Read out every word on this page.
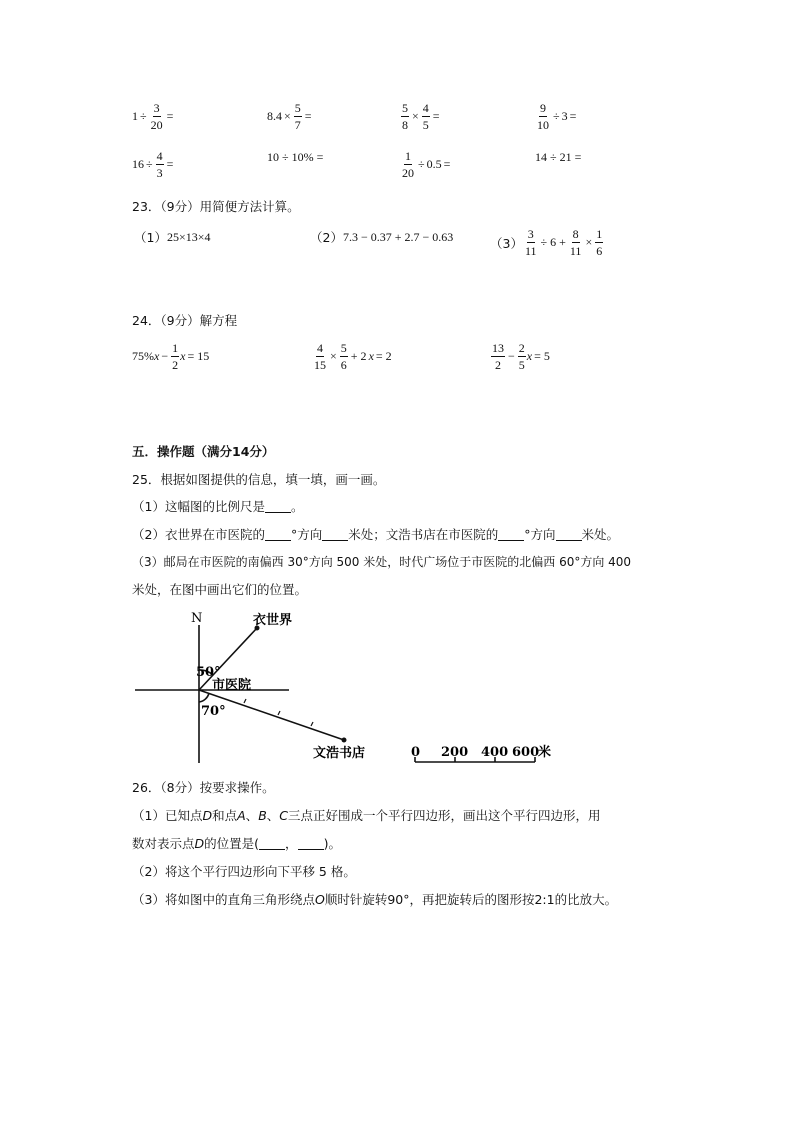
$1 \div \frac{3}{20}$ =	$8.4 \times \frac{5}{7}$ =	$\frac{5}{8} \times \frac{4}{5}$ =	$\frac{9}{10} \div 3$ =
$16 \div \frac{4}{3}$ =	10 ÷ 10% =	$\frac{1}{20} \div 0.5$ =	14 ÷ 21 =
23．（9分）用简便方法计算。
（1） 25×13×4	（2） 7.3 − 0.37 + 2.7 − 0.63	$(3) \frac{3}{11} \div 6 + \frac{8}{11} \times \frac{1}{6}$
24．（9分）解方程
75% $x - \frac{1}{2}$ x = 15	$\frac{4}{15} \times \frac{5}{6} + 2$ x = 2	$\frac{13}{2} - \frac{2}{5}$ x = 5
五．操作题（满分14分）
25．根据如图提供的信息，填一填，画一画。
（1）这幅图的比例尺是 。
（2）衣世界在市医院的 °方向 米处；文浩书店在市医院的 °方向 米处。
（3）邮局在市医院的南偏西 30°方向 500 米处，时代广场位于市医院的北偏西 60°方向 400
米处，在图中画出它们的位置。
N	衣世界
50°
市医院
70°
文浩书店	0 200 400 600
米
26．（8分）按要求操作。
（1）已知点D和点A、B、C三点正好围成一个平行四边形，画出这个平行四边形，用
数对表示点D的位置是( ， )。
（2）将这个平行四边形向下平移 5 格。
（3）将如图中的直角三角形绕点O顺时针旋转90°，再把旋转后的图形按2:1的比放大。
